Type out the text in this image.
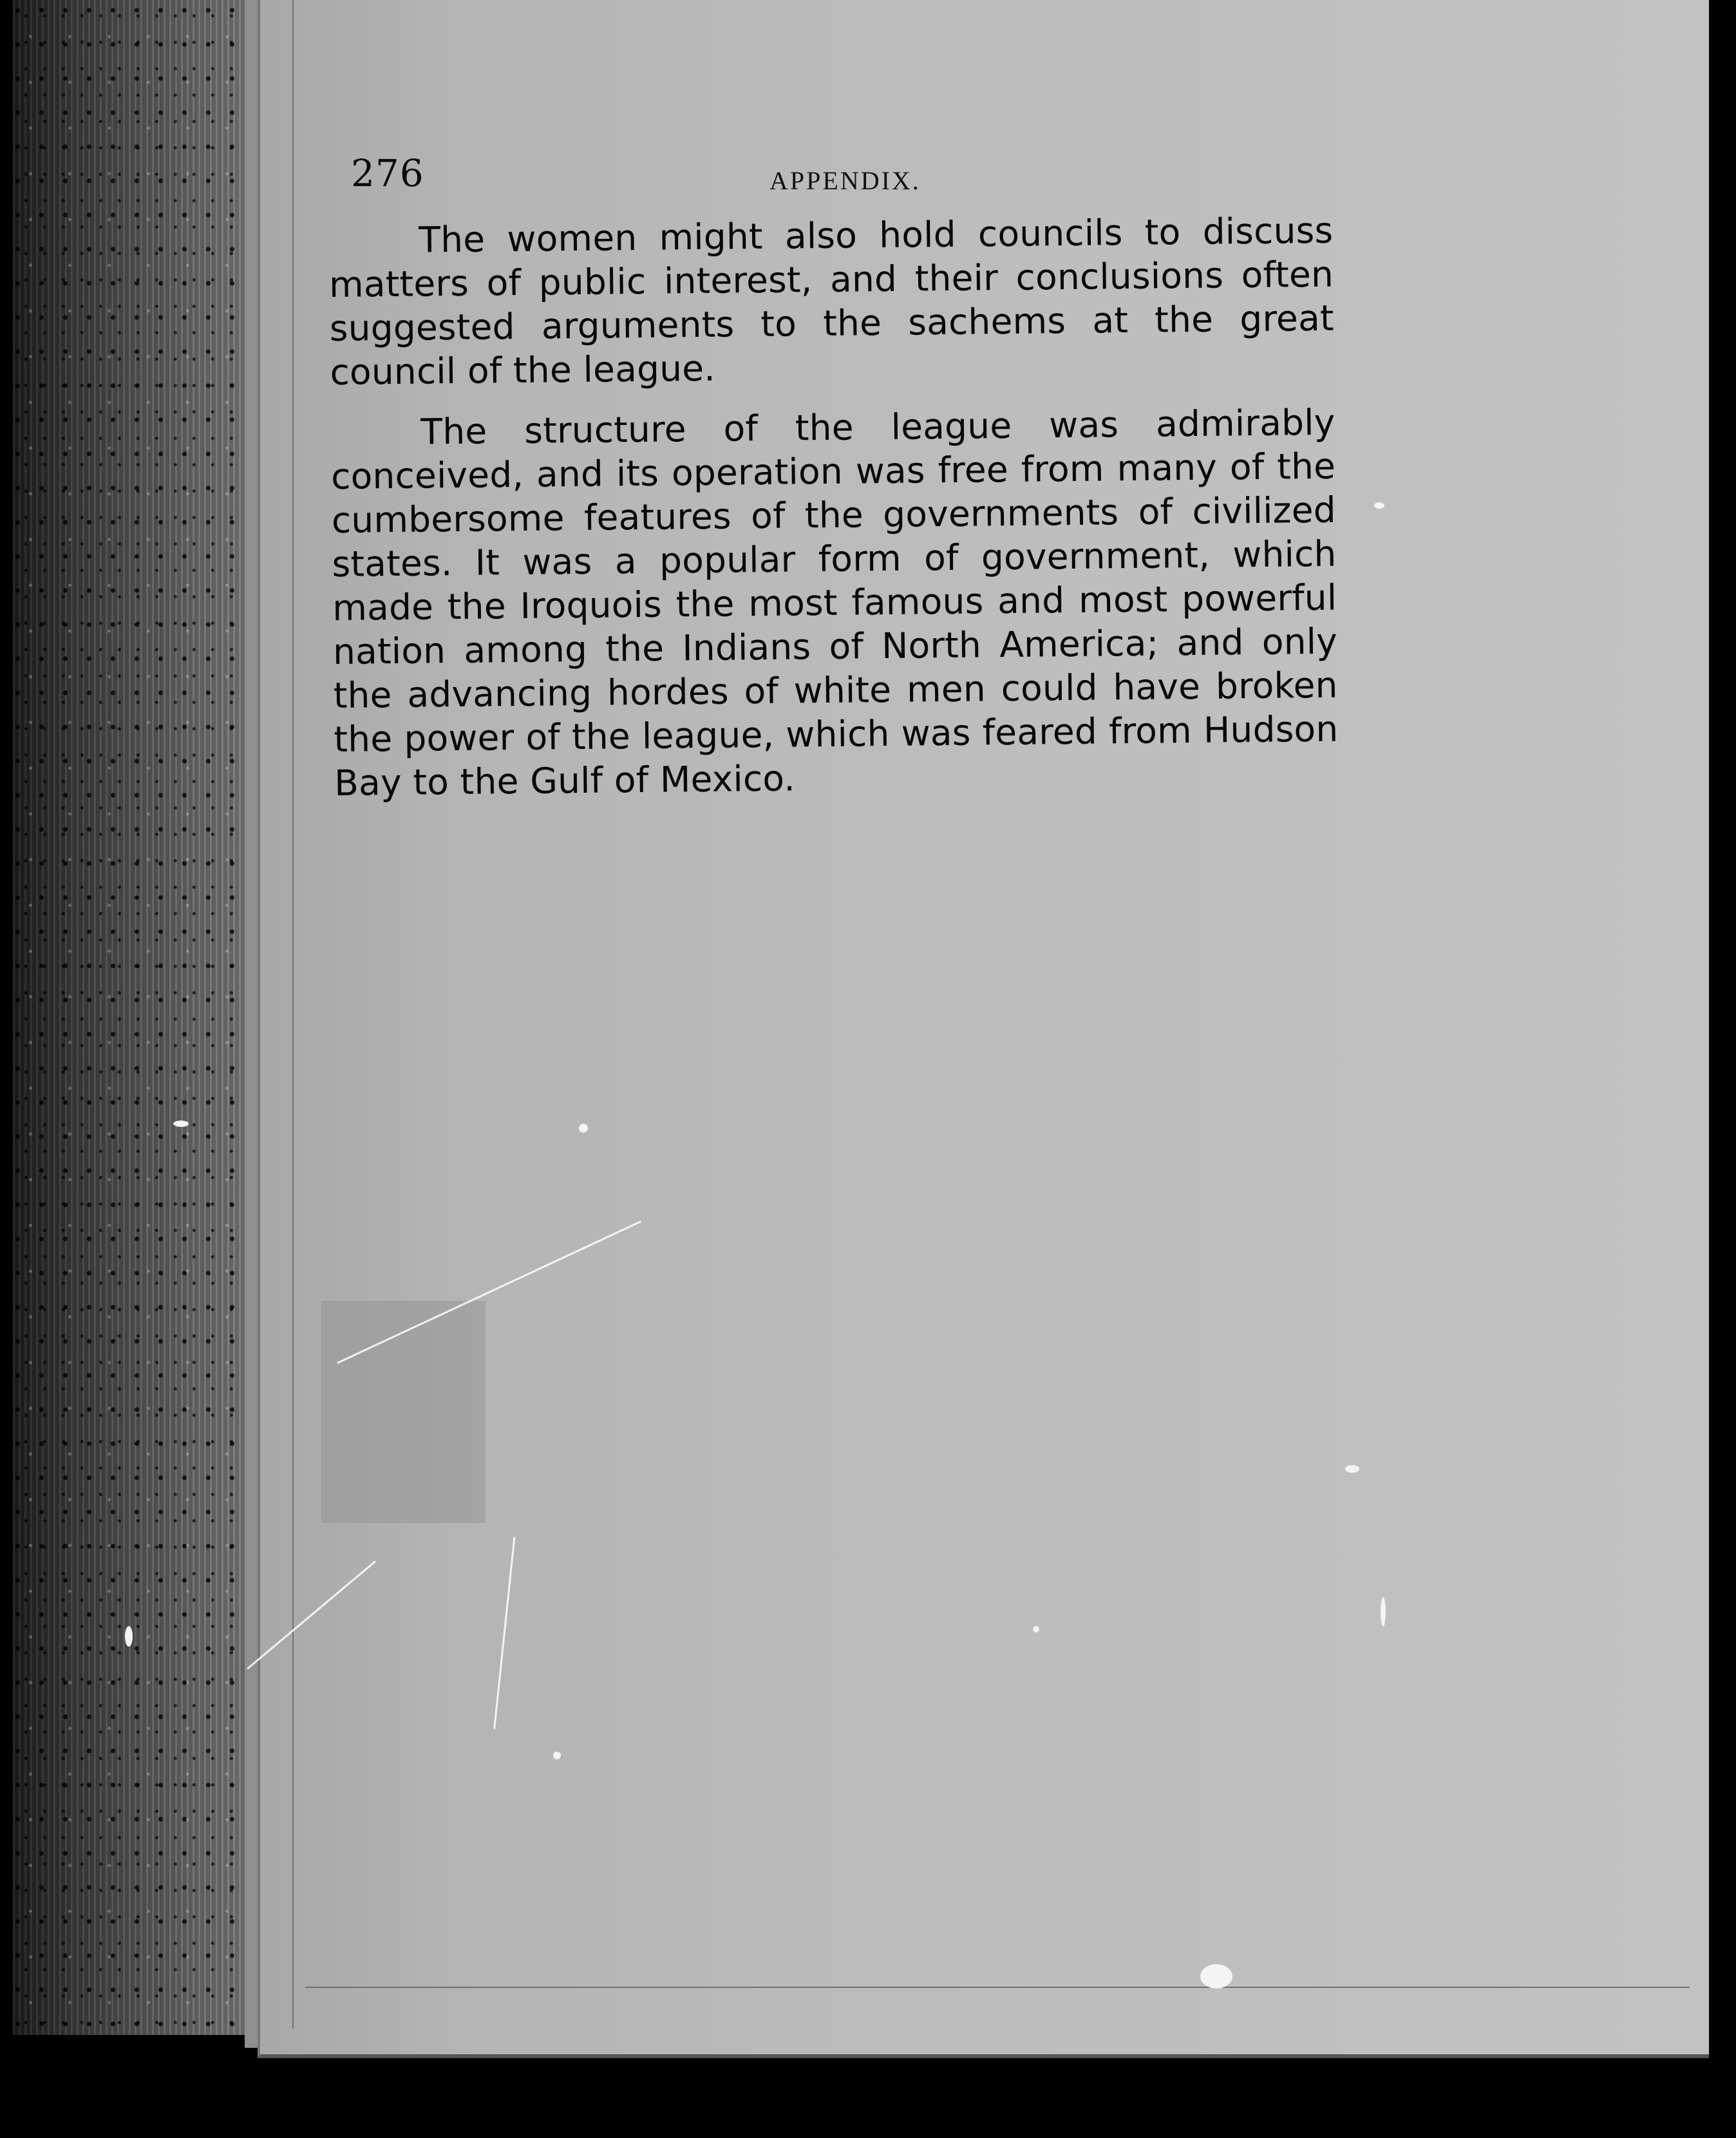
276	APPENDIX.

The women might also hold councils to discuss matters of public interest, and their conclusions often suggested arguments to the sachems at the great council of the league.

The structure of the league was admirably conceived, and its operation was free from many of the cumbersome features of the governments of civilized states. It was a popular form of government, which made the Iroquois the most famous and most powerful nation among the Indians of North America; and only the advancing hordes of white men could have broken the power of the league, which was feared from Hudson Bay to the Gulf of Mexico.
